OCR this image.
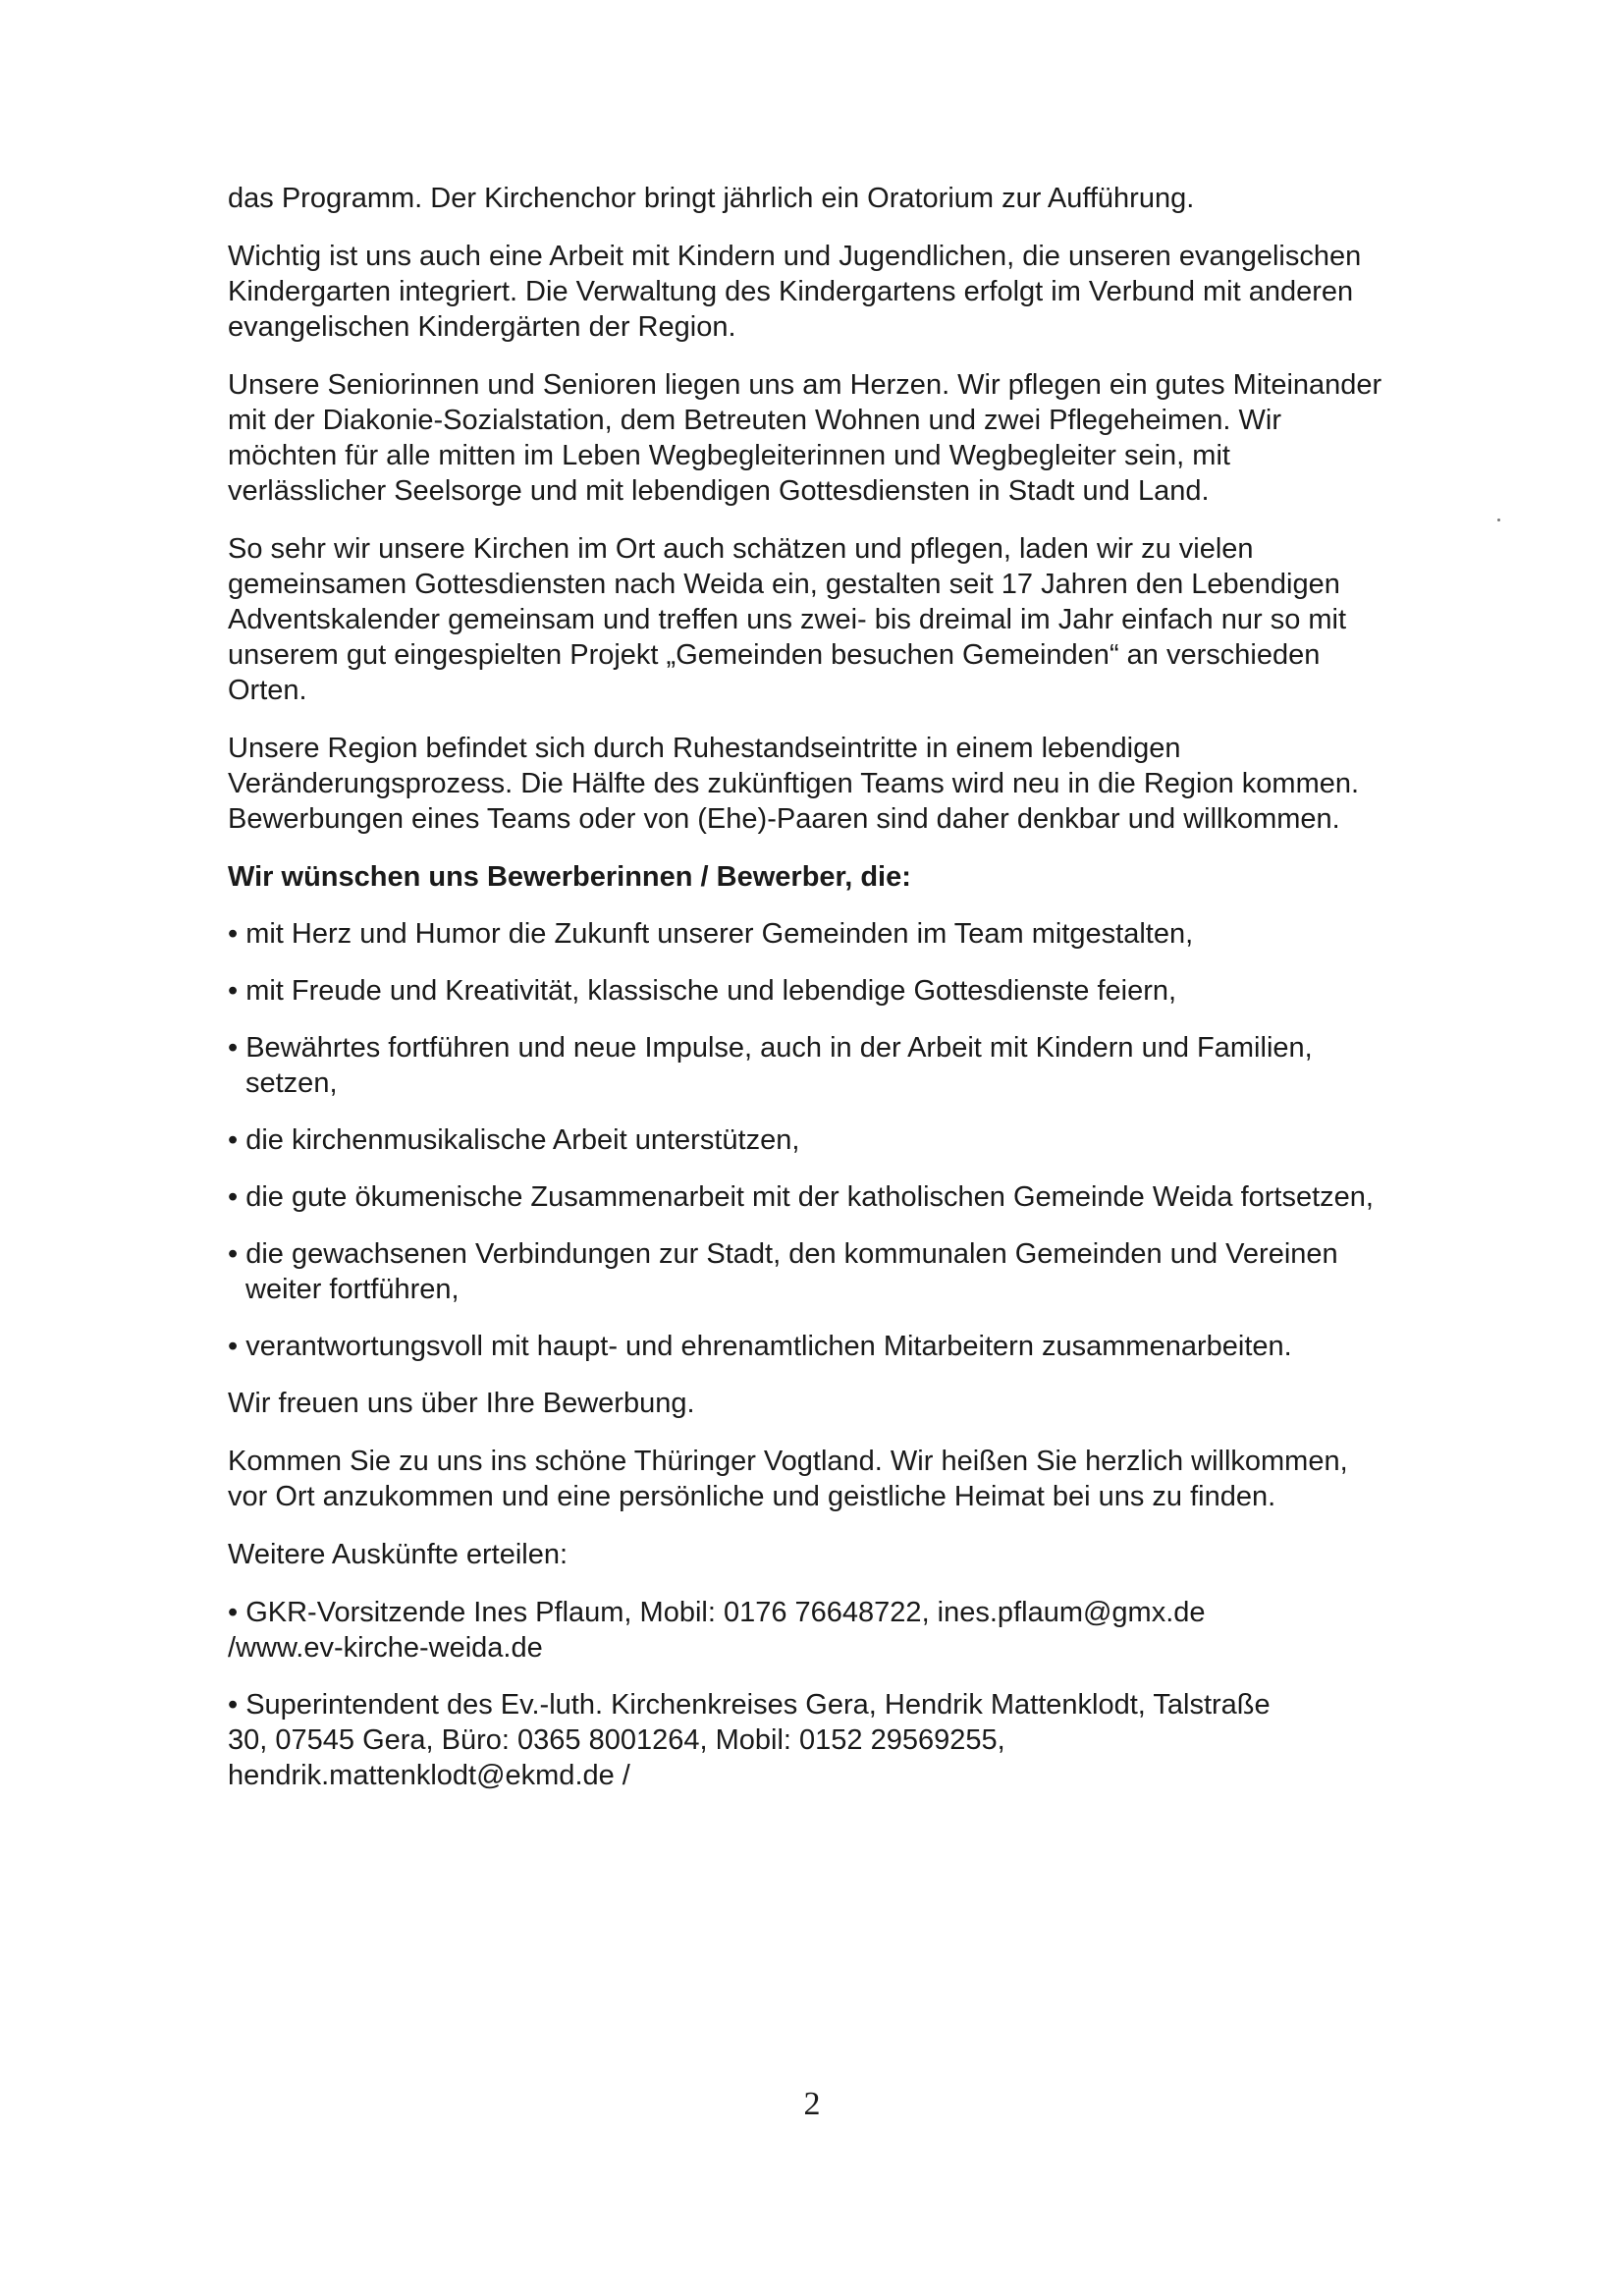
das Programm. Der Kirchenchor bringt jährlich ein Oratorium zur Aufführung.

Wichtig ist uns auch eine Arbeit mit Kindern und Jugendlichen, die unseren evangelischen Kindergarten integriert. Die Verwaltung des Kindergartens erfolgt im Verbund mit anderen evangelischen Kindergärten der Region.

Unsere Seniorinnen und Senioren liegen uns am Herzen. Wir pflegen ein gutes Miteinander mit der Diakonie-Sozialstation, dem Betreuten Wohnen und zwei Pflegeheimen. Wir möchten für alle mitten im Leben Wegbegleiterinnen und Wegbegleiter sein, mit verlässlicher Seelsorge und mit lebendigen Gottesdiensten in Stadt und Land.

So sehr wir unsere Kirchen im Ort auch schätzen und pflegen, laden wir zu vielen gemeinsamen Gottesdiensten nach Weida ein, gestalten seit 17 Jahren den Lebendigen Adventskalender gemeinsam und treffen uns zwei- bis dreimal im Jahr einfach nur so mit unserem gut eingespielten Projekt „Gemeinden besuchen Gemeinden“ an verschieden Orten.

Unsere Region befindet sich durch Ruhestandseintritte in einem lebendigen Veränderungsprozess. Die Hälfte des zukünftigen Teams wird neu in die Region kommen. Bewerbungen eines Teams oder von (Ehe)-Paaren sind daher denkbar und willkommen.

Wir wünschen uns Bewerberinnen / Bewerber, die:

• mit Herz und Humor die Zukunft unserer Gemeinden im Team mitgestalten,

• mit Freude und Kreativität, klassische und lebendige Gottesdienste feiern,

• Bewährtes fortführen und neue Impulse, auch in der Arbeit mit Kindern und Familien,
setzen,

• die kirchenmusikalische Arbeit unterstützen,

• die gute ökumenische Zusammenarbeit mit der katholischen Gemeinde Weida fortsetzen,

• die gewachsenen Verbindungen zur Stadt, den kommunalen Gemeinden und Vereinen
weiter fortführen,

• verantwortungsvoll mit haupt- und ehrenamtlichen Mitarbeitern zusammenarbeiten.

Wir freuen uns über Ihre Bewerbung.

Kommen Sie zu uns ins schöne Thüringer Vogtland. Wir heißen Sie herzlich willkommen, vor Ort anzukommen und eine persönliche und geistliche Heimat bei uns zu finden.

Weitere Auskünfte erteilen:

• GKR-Vorsitzende Ines Pflaum, Mobil: 0176 76648722, ines.pflaum@gmx.de
/www.ev-kirche-weida.de

• Superintendent des Ev.-luth. Kirchenkreises Gera, Hendrik Mattenklodt, Talstraße
30, 07545 Gera, Büro: 0365 8001264, Mobil: 0152 29569255,
hendrik.mattenklodt@ekmd.de /

2
